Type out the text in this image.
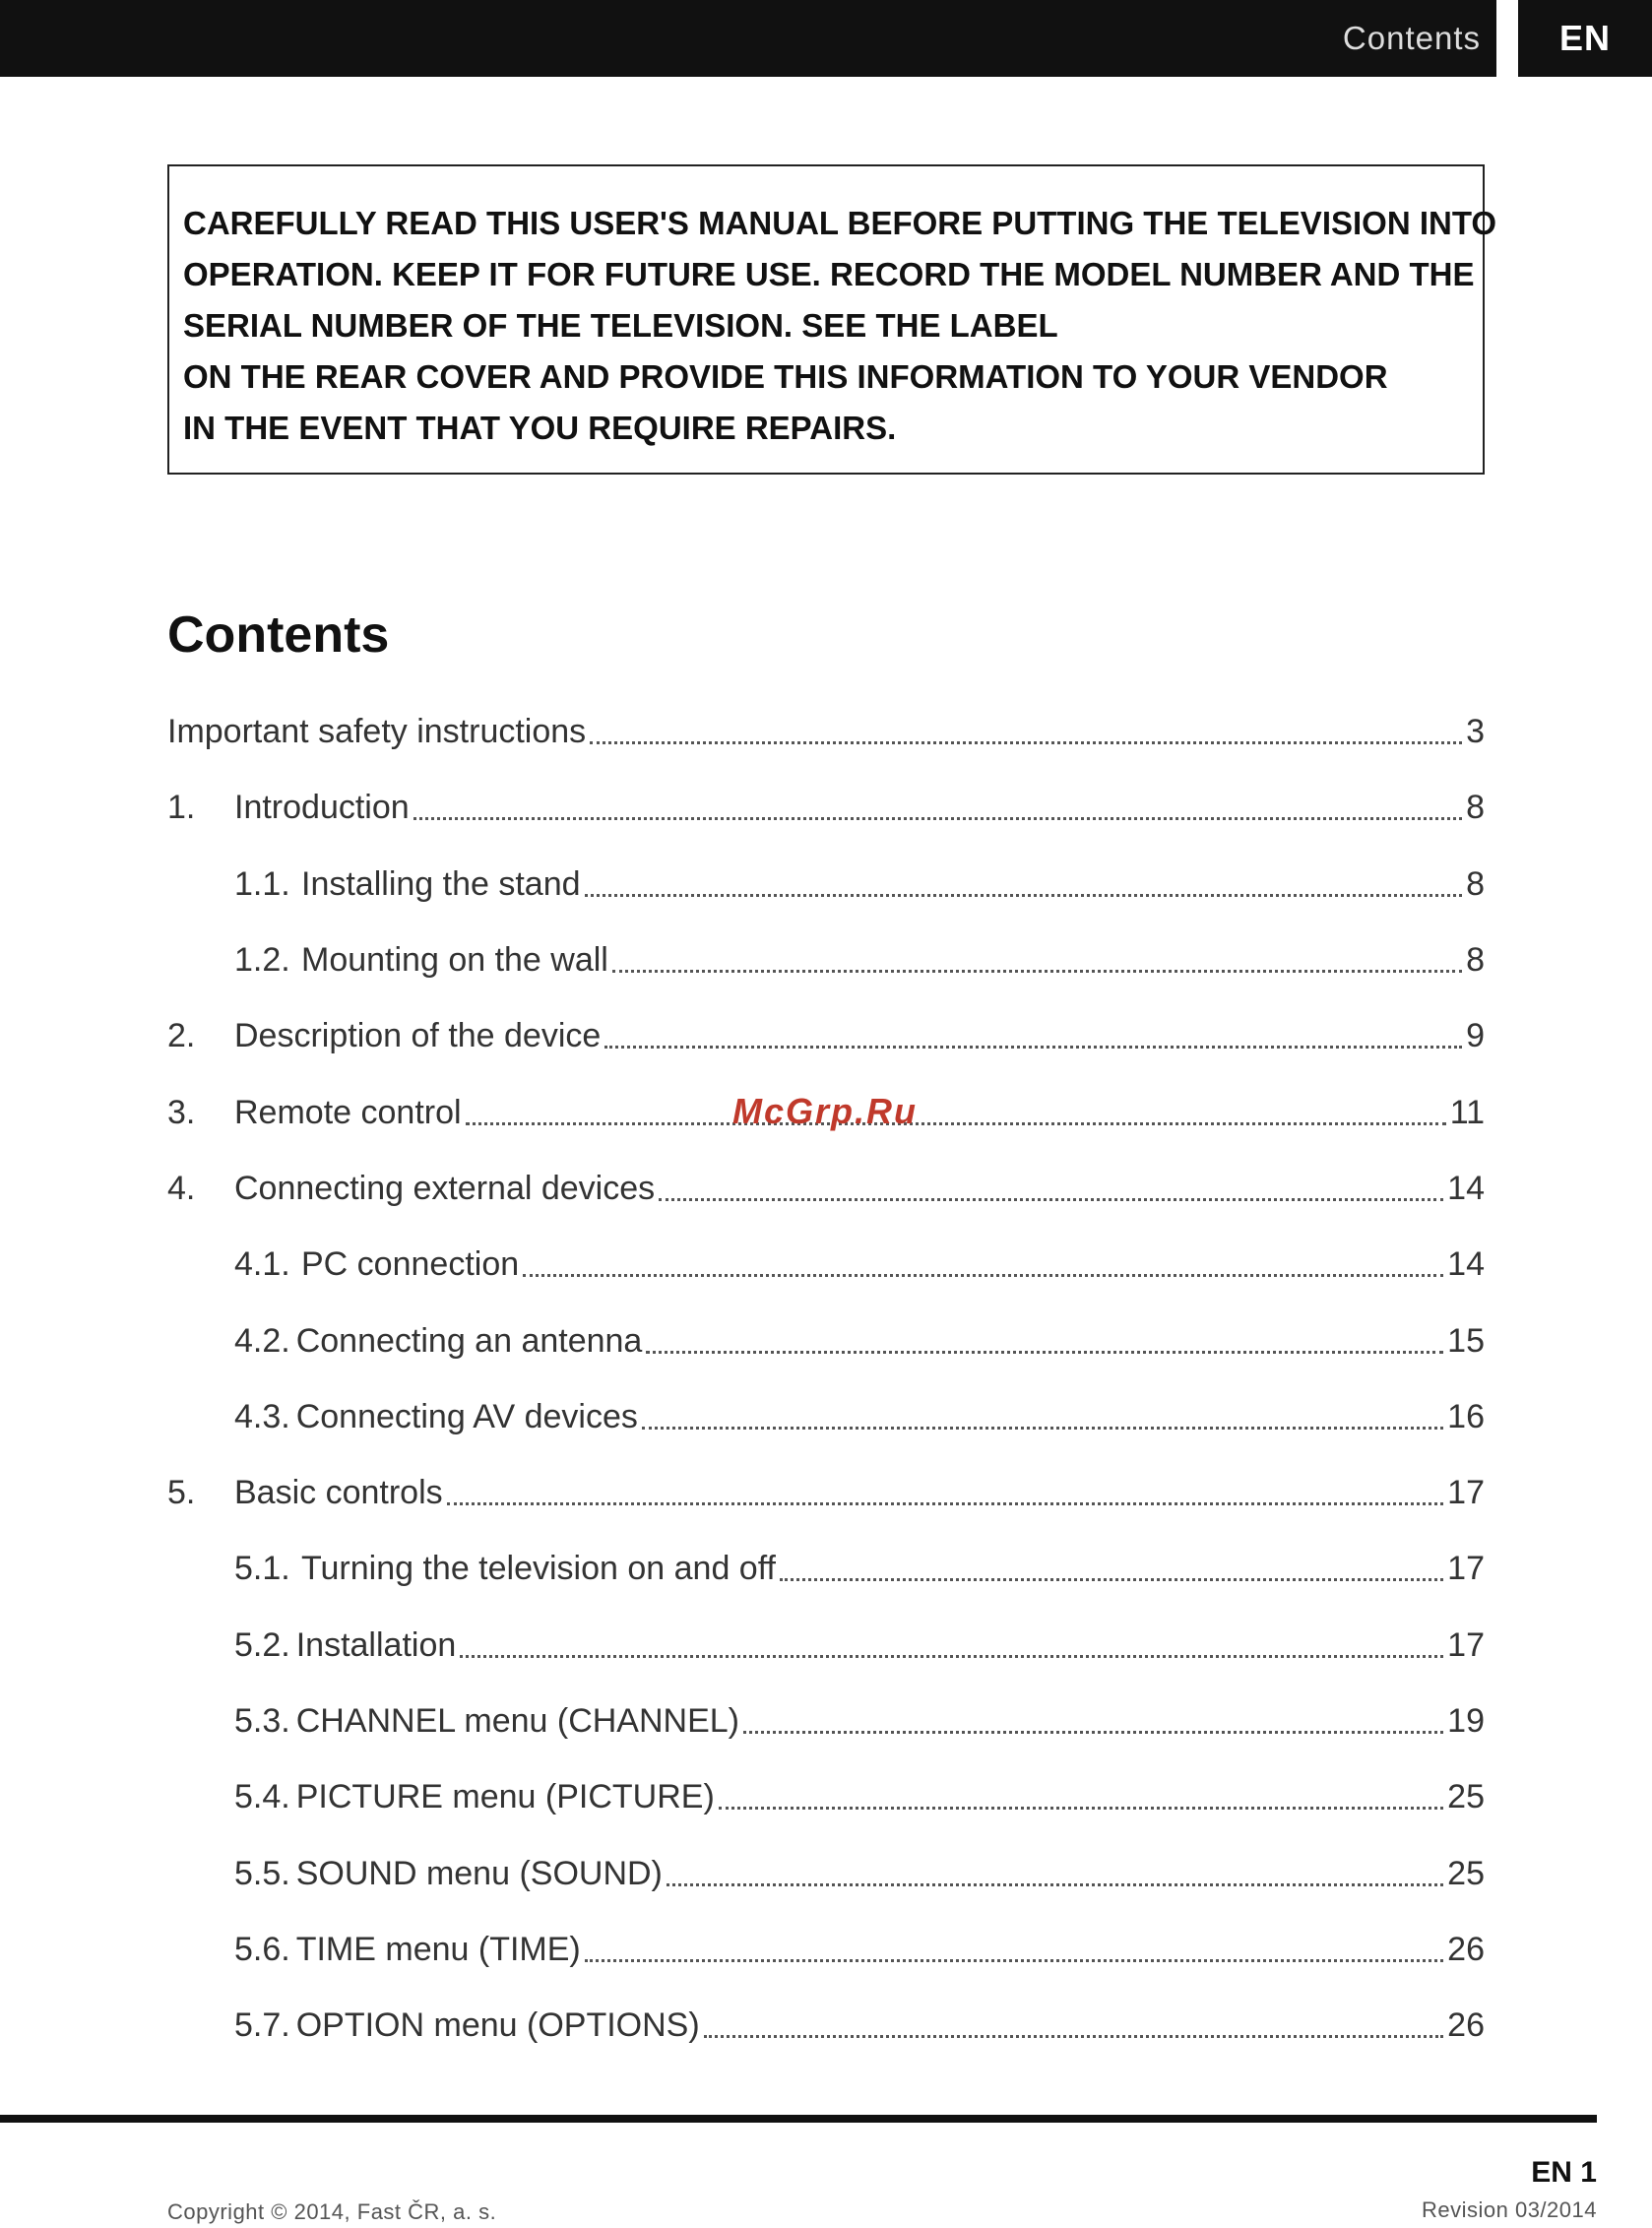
Contents	EN
CAREFULLY READ THIS USER'S MANUAL BEFORE PUTTING THE TELEVISION INTO
OPERATION. KEEP IT FOR FUTURE USE. RECORD THE MODEL NUMBER AND THE
SERIAL NUMBER OF THE TELEVISION. SEE THE LABEL
ON THE REAR COVER AND PROVIDE THIS INFORMATION TO YOUR VENDOR
IN THE EVENT THAT YOU REQUIRE REPAIRS.
Contents
Important safety instructions	3
1.	Introduction	8
1.1. Installing the stand	8
1.2. Mounting on the wall	8
2.	Description of the device	9
3.	Remote control	11
4.	Connecting external devices	14
4.1. PC connection	14
4.2. Connecting an antenna	15
4.3. Connecting AV devices	16
5.	Basic controls	17
5.1. Turning the television on and off	17
5.2. Installation	17
5.3. CHANNEL menu (CHANNEL)	19
5.4. PICTURE menu (PICTURE)	25
5.5. SOUND menu (SOUND)	25
5.6. TIME menu (TIME)	26
5.7. OPTION menu (OPTIONS)	26
McGrp.Ru
EN 1
Copyright © 2014, Fast ČR, a. s.	Revision 03/2014
